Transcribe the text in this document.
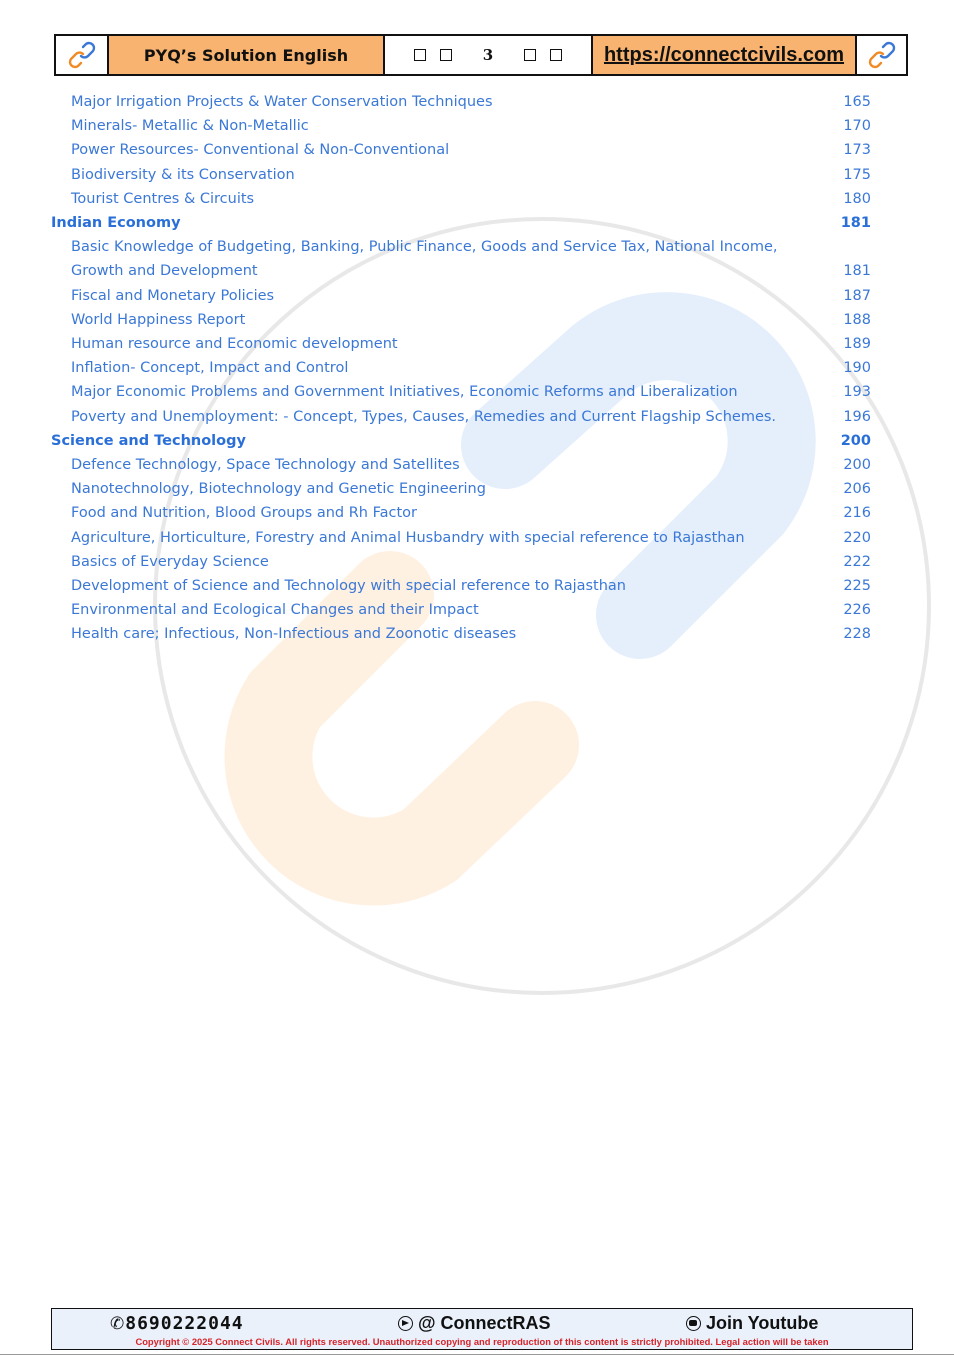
PYQ’s Solution English	3	https://connectcivils.com
Major Irrigation Projects & Water Conservation Techniques	165
Minerals- Metallic & Non-Metallic	170
Power Resources- Conventional & Non-Conventional	173
Biodiversity & its Conservation	175
Tourist Centres & Circuits	180
Indian Economy	181
Basic Knowledge of Budgeting, Banking, Public Finance, Goods and Service Tax, National Income,
Growth and Development	181
Fiscal and Monetary Policies	187
World Happiness Report	188
Human resource and Economic development	189
Inflation- Concept, Impact and Control	190
Major Economic Problems and Government Initiatives, Economic Reforms and Liberalization	193
Poverty and Unemployment: - Concept, Types, Causes, Remedies and Current Flagship Schemes.	196
Science and Technology	200
Defence Technology, Space Technology and Satellites	200
Nanotechnology, Biotechnology and Genetic Engineering	206
Food and Nutrition, Blood Groups and Rh Factor	216
Agriculture, Horticulture, Forestry and Animal Husbandry with special reference to Rajasthan	220
Basics of Everyday Science	222
Development of Science and Technology with special reference to Rajasthan	225
Environmental and Ecological Changes and their Impact	226
Health care; Infectious, Non-Infectious and Zoonotic diseases	228
✆ 8690222044	@ ConnectRAS	Join Youtube
Copyright © 2025 Connect Civils. All rights reserved. Unauthorized copying and reproduction of this content is strictly prohibited. Legal action will be taken
